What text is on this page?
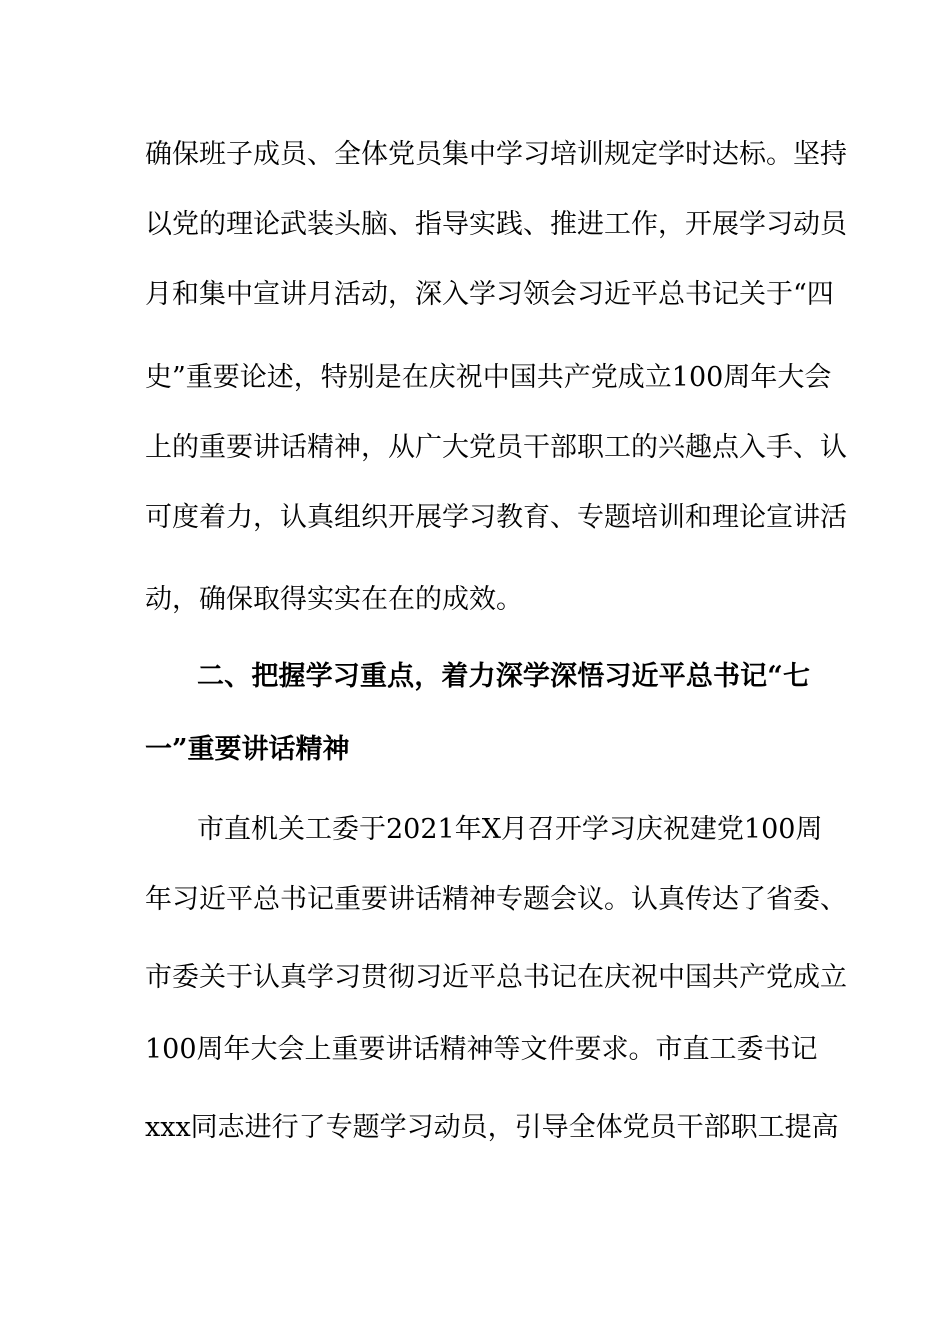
确保班子成员、全体党员集中学习培训规定学时达标。坚持
以党的理论武装头脑、指导实践、推进工作，开展学习动员
月和集中宣讲月活动，深入学习领会习近平总书记关于“四
史”重要论述，特别是在庆祝中国共产党成立100周年大会
上的重要讲话精神，从广大党员干部职工的兴趣点入手、认
可度着力，认真组织开展学习教育、专题培训和理论宣讲活
动，确保取得实实在在的成效。
二、把握学习重点，着力深学深悟习近平总书记“七
一”重要讲话精神
市直机关工委于2021年X月召开学习庆祝建党100周
年习近平总书记重要讲话精神专题会议。认真传达了省委、
市委关于认真学习贯彻习近平总书记在庆祝中国共产党成立
100周年大会上重要讲话精神等文件要求。市直工委书记
xxx同志进行了专题学习动员，引导全体党员干部职工提高
